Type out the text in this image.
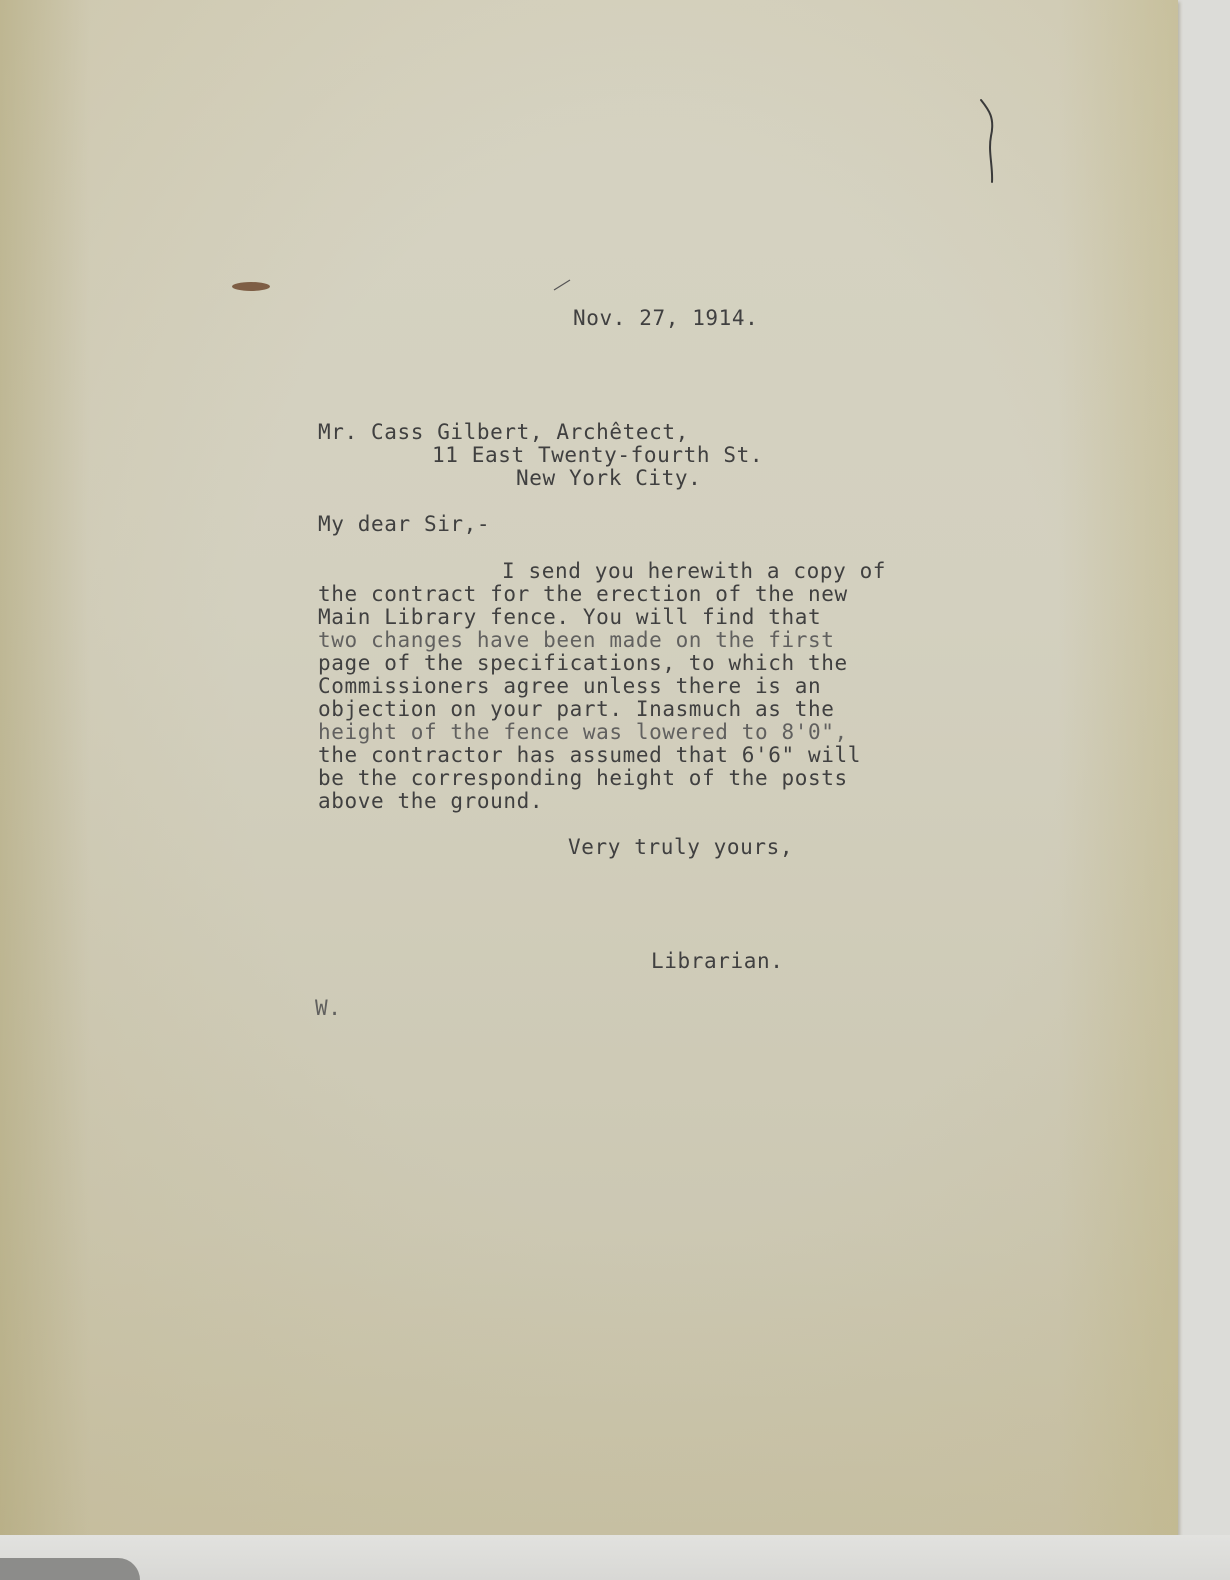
Nov. 27, 1914.
Mr. Cass Gilbert, Archêtect,
11 East Twenty-fourth St.
New York City.
My dear Sir,-
I send you herewith a copy of
the contract for the erection of the new
Main Library fence. You will find that
two changes have been made on the first
page of the specifications, to which the
Commissioners agree unless there is an
objection on your part. Inasmuch as the
height of the fence was lowered to 8'0",
the contractor has assumed that 6'6" will
be the corresponding height of the posts
above the ground.
Very truly yours,
Librarian.
W.
